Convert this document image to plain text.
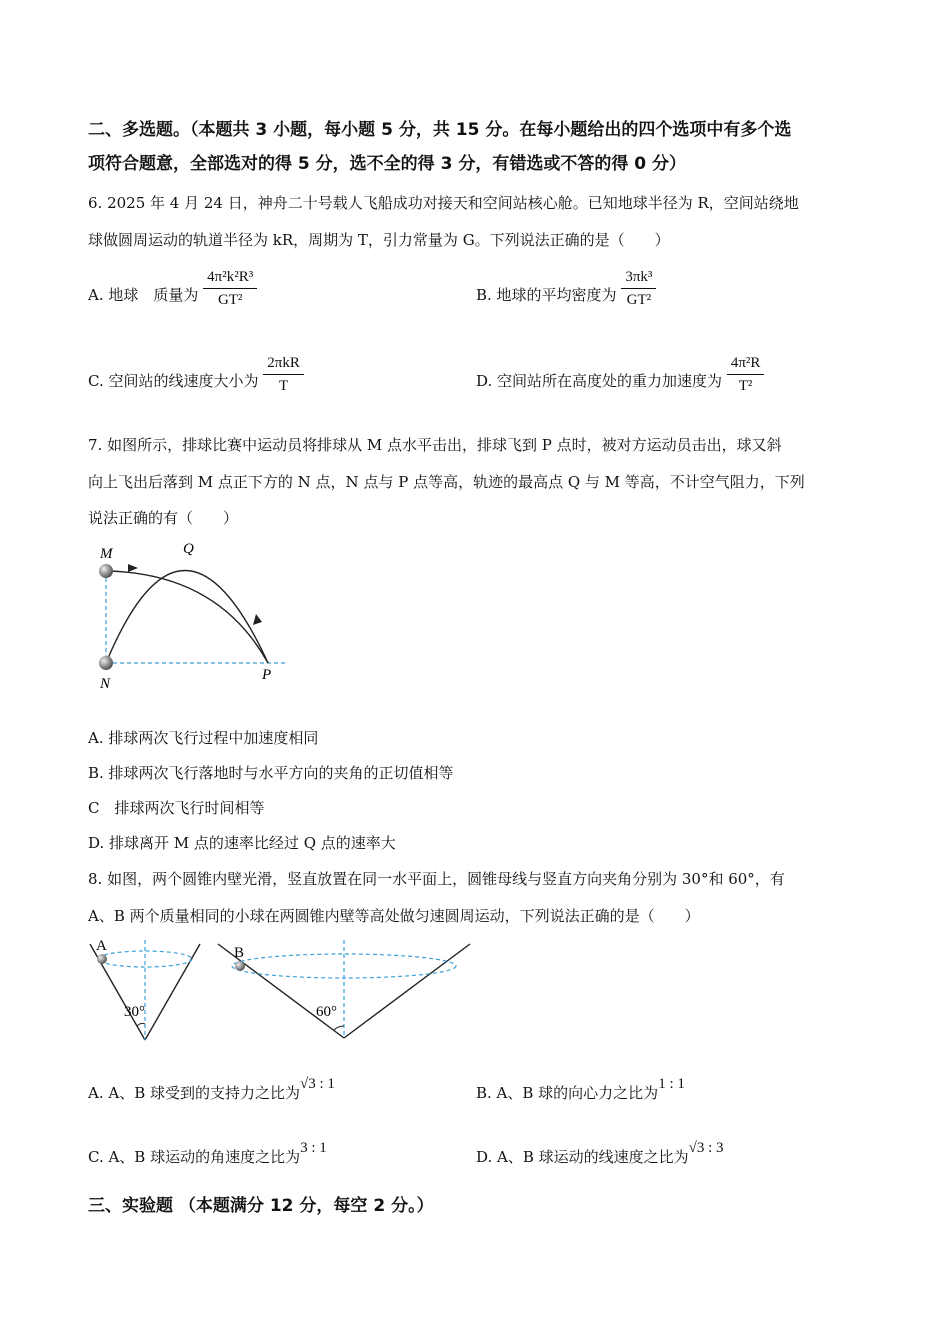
二、多选题。（本题共 3 小题，每小题 5 分，共 15 分。在每小题给出的四个选项中有多个选
项符合题意，全部选对的得 5 分，选不全的得 3 分，有错选或不答的得 0 分）
6. 2025 年 4 月 24 日，神舟二十号载人飞船成功对接天和空间站核心舱。已知地球半径为 R，空间站绕地
球做圆周运动的轨道半径为 kR，周期为 T，引力常量为 G。下列说法正确的是（　　）
A. 地球　质量为 $\frac{\text{4π²k²R³}}{\text{GT²}}$	B. 地球的平均密度为 $\frac{\text{3πk³}}{\text{GT²}}$
C. 空间站的线速度大小为 $\frac{\text{2πkR}}{T}$	D. 空间站所在高度处的重力加速度为 $\frac{\text{4π²R}}{\text{T²}}$
7. 如图所示，排球比赛中运动员将排球从 M 点水平击出，排球飞到 P 点时，被对方运动员击出，球又斜
向上飞出后落到 M 点正下方的 N 点，N 点与 P 点等高，轨迹的最高点 Q 与 M 等高，不计空气阻力，下列
说法正确的有（　　）
M	Q
N
P
A. 排球两次飞行过程中加速度相同
B. 排球两次飞行落地时与水平方向的夹角的正切值相等
C　排球两次飞行时间相等
D. 排球离开 M 点的速率比经过 Q 点的速率大
8. 如图，两个圆锥内壁光滑，竖直放置在同一水平面上，圆锥母线与竖直方向夹角分别为 30°和 60°，有
A、B 两个质量相同的小球在两圆锥内壁等高处做匀速圆周运动，下列说法正确的是（　　）
A
30°
B
60°
A. A、B 球受到的支持力之比为√3 : 1	B. A、B 球的向心力之比为1 : 1
C. A、B 球运动的角速度之比为3 : 1	D. A、B 球运动的线速度之比为√3 : 3
三、实验题 （本题满分 12 分，每空 2 分。）
